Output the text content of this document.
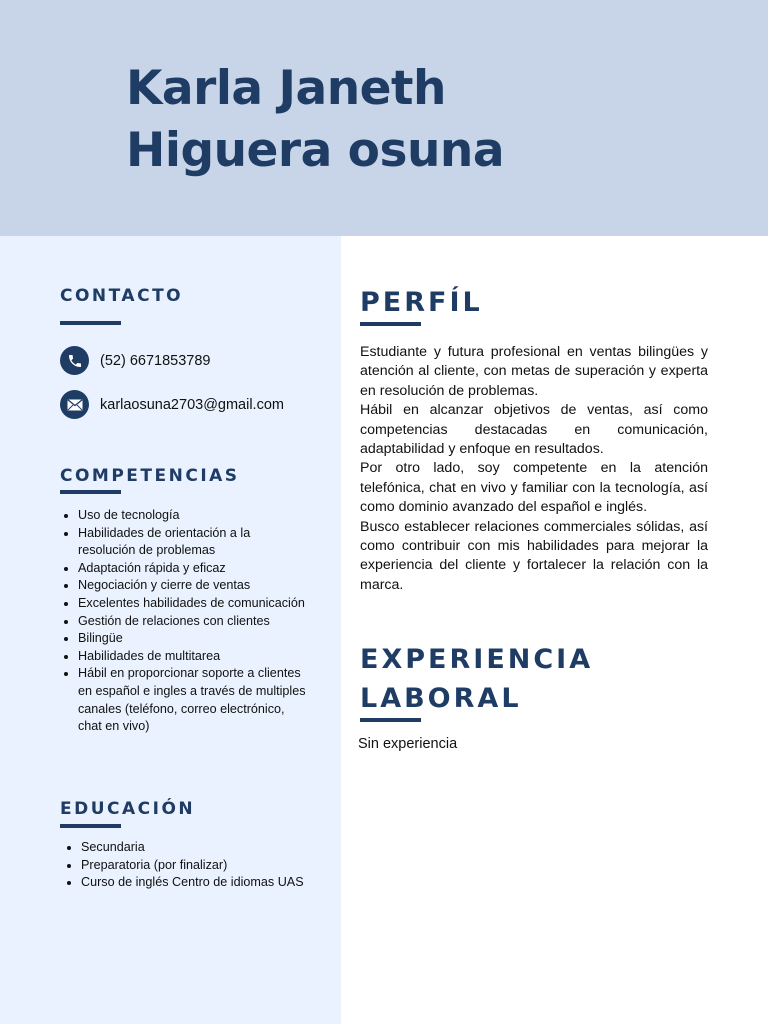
Karla Janeth
Higuera osuna
CONTACTO
(52) 6671853789
karlaosuna2703@gmail.com
COMPETENCIAS
• Uso de tecnología
• Habilidades de orientación a la resolución de problemas
• Adaptación rápida y eficaz
• Negociación y cierre de ventas
• Excelentes habilidades de comunicación
• Gestión de relaciones con clientes
• Bilingüe
• Habilidades de multitarea
• Hábil en proporcionar soporte a clientes en español e ingles a través de multiples canales (teléfono, correo electrónico, chat en vivo)
EDUCACIÓN
• Secundaria
• Preparatoria (por finalizar)
• Curso de inglés Centro de idiomas UAS
PERFÍL

Estudiante y futura profesional en ventas bilingües y atención al cliente, con metas de superación y experta en resolución de problemas.

Hábil en alcanzar objetivos de ventas, así como competencias destacadas en comunicación, adaptabilidad y enfoque en resultados.

Por otro lado, soy competente en la atención telefónica, chat en vivo y familiar con la tecnología, así como dominio avanzado del español e inglés.

Busco establecer relaciones commerciales sólidas, así como contribuir con mis habilidades para mejorar la experiencia del cliente y fortalecer la relación con la marca.

EXPERIENCIA
LABORAL
Sin experiencia
